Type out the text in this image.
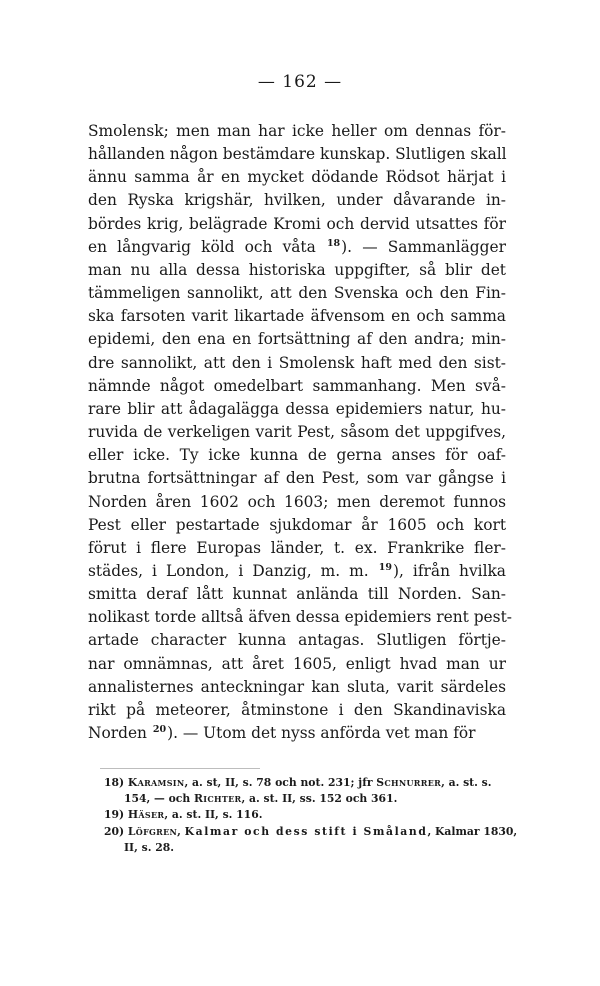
— 162 —
Smolensk; men man har icke heller om dennas för-
hållanden någon bestämdare kunskap. Slutligen skall
ännu samma år en mycket dödande Rödsot härjat i
den Ryska krigshär, hvilken, under dåvarande in-
bördes krig, belägrade Kromi och dervid utsattes för
en långvarig köld och våta $^{18}$). — Sammanlägger
man nu alla dessa historiska uppgifter, så blir det
tämmeligen sannolikt, att den Svenska och den Fin-
ska farsoten varit likartade äfvensom en och samma
epidemi, den ena en fortsättning af den andra; min-
dre sannolikt, att den i Smolensk haft med den sist-
nämnde något omedelbart sammanhang. Men svå-
rare blir att ådagalägga dessa epidemiers natur, hu-
ruvida de verkeligen varit Pest, såsom det uppgifves,
eller icke. Ty icke kunna de gerna anses för oaf-
brutna fortsättningar af den Pest, som var gångse i
Norden åren 1602 och 1603; men deremot funnos
Pest eller pestartade sjukdomar år 1605 och kort
förut i flere Europas länder, t. ex. Frankrike fler-
städes, i London, i Danzig, m. m. $^{19}$), ifrån hvilka
smitta deraf lått kunnat anlända till Norden. San-
nolikast torde alltså äfven dessa epidemiers rent pest-
artade character kunna antagas. Slutligen förtje-
nar omnämnas, att året 1605, enligt hvad man ur
annalisternes anteckningar kan sluta, varit särdeles
rikt på meteorer, åtminstone i den Skandinaviska
Norden $^{20}$). — Utom det nyss anförda vet man för
18) Karamsin, a. st, II, s. 78 och not. 231; jfr Schnurrer, a. st. s.
154, — och Richter, a. st. II, ss. 152 och 361.
19) Häser, a. st. II, s. 116.
20) Löfgren, Kalmar och dess stift i Småland, Kalmar 1830,
II, s. 28.
